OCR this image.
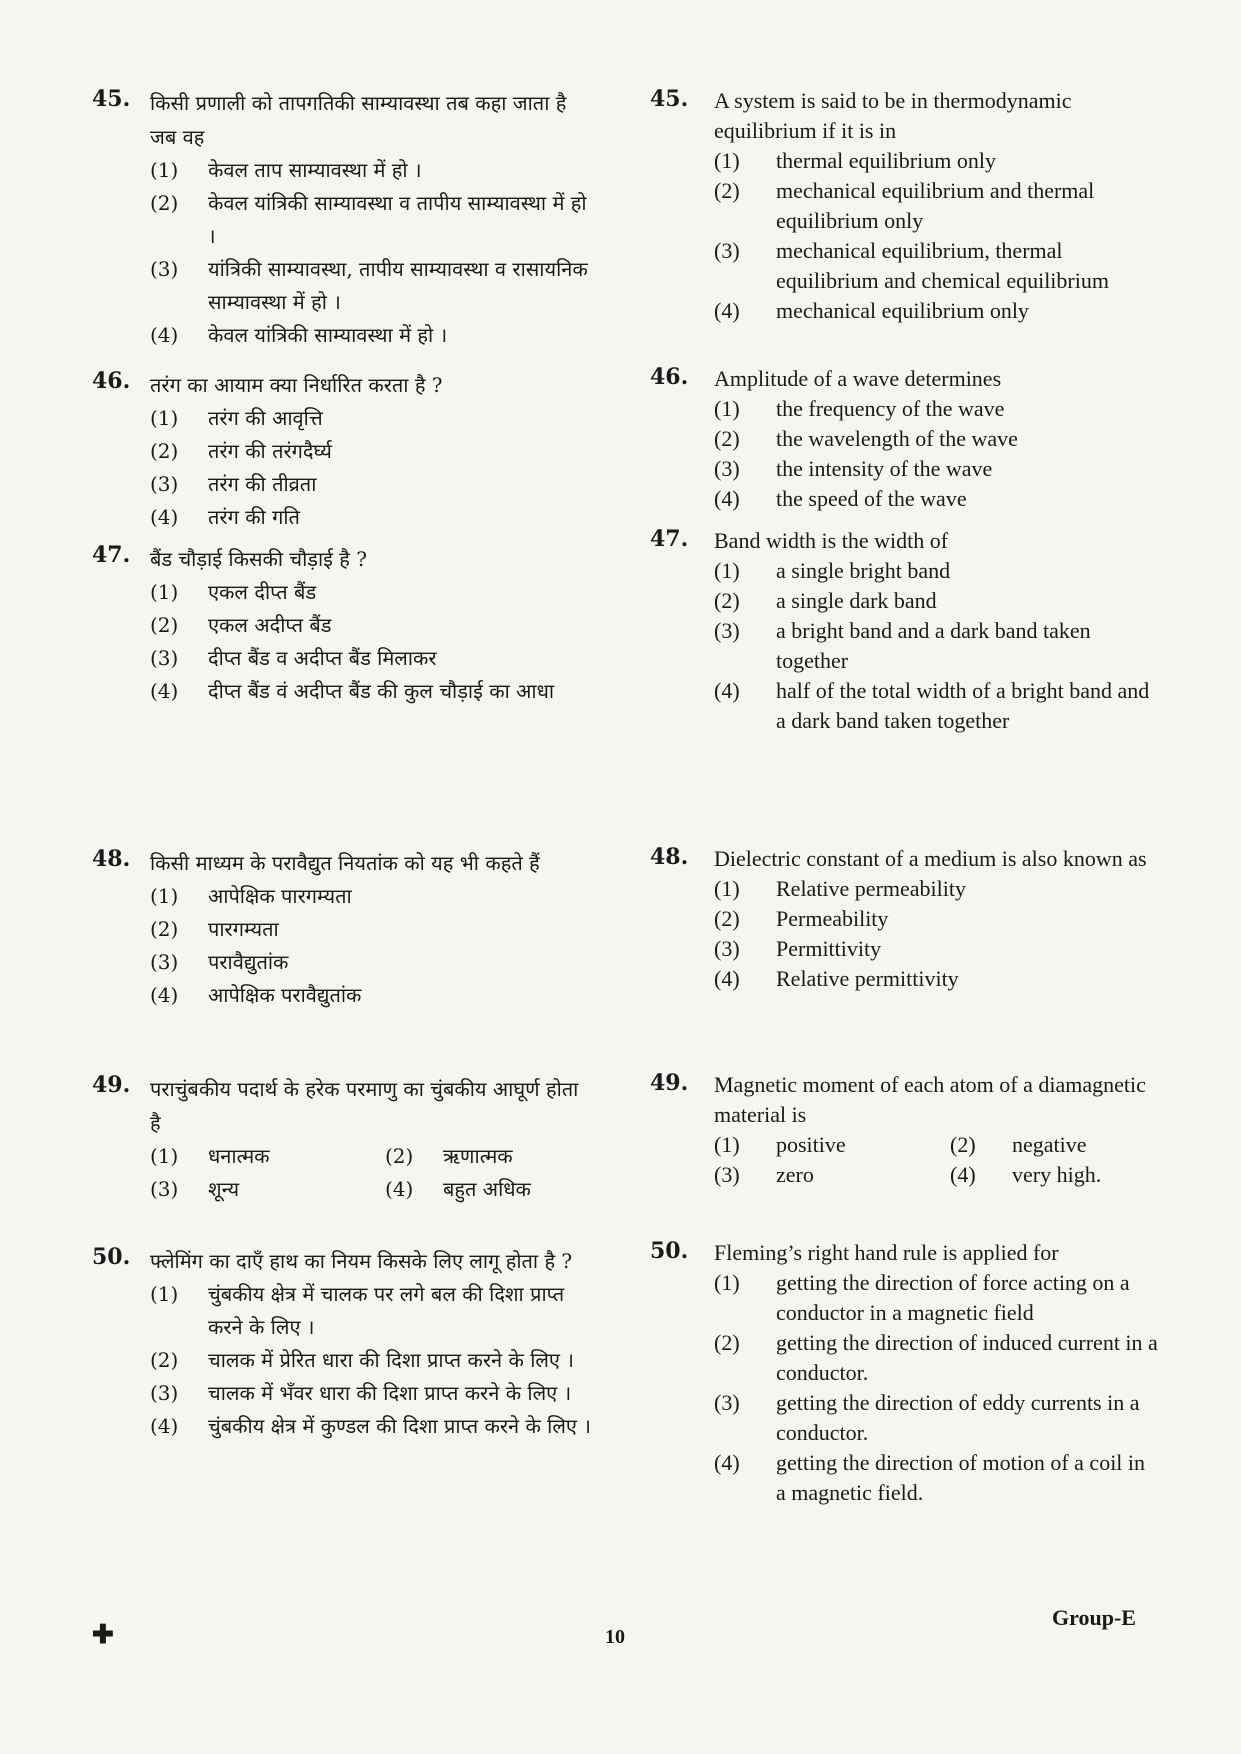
45. किसी प्रणाली को तापगतिकी साम्यावस्था तब कहा जाता है जब वह
(1)	केवल ताप साम्यावस्था में हो ।
(2)	केवल यांत्रिकी साम्यावस्था व तापीय साम्यावस्था में हो ।
(3)	यांत्रिकी साम्यावस्था, तापीय साम्यावस्था व रासायनिक साम्यावस्था में हो ।
(4)	केवल यांत्रिकी साम्यावस्था में हो ।
46. तरंग का आयाम क्या निर्धारित करता है ?
(1)	तरंग की आवृत्ति
(2)	तरंग की तरंगदैर्घ्य
(3)	तरंग की तीव्रता
(4)	तरंग की गति
47. बैंड चौड़ाई किसकी चौड़ाई है ?
(1)	एकल दीप्त बैंड
(2)	एकल अदीप्त बैंड
(3)	दीप्त बैंड व अदीप्त बैंड मिलाकर
(4)	दीप्त बैंड वं अदीप्त बैंड की कुल चौड़ाई का आधा
48. किसी माध्यम के परावैद्युत नियतांक को यह भी कहते हैं
(1)	आपेक्षिक पारगम्यता
(2)	पारगम्यता
(3)	परावैद्युतांक
(4)	आपेक्षिक परावैद्युतांक
49. पराचुंबकीय पदार्थ के हरेक परमाणु का चुंबकीय आघूर्ण होता है
(1)	धनात्मक	(2)	ऋणात्मक
(3)	शून्य	(4)	बहुत अधिक
50. फ्लेमिंग का दाएँ हाथ का नियम किसके लिए लागू होता है ?
(1)	चुंबकीय क्षेत्र में चालक पर लगे बल की दिशा प्राप्त करने के लिए ।
(2)	चालक में प्रेरित धारा की दिशा प्राप्त करने के लिए ।
(3)	चालक में भँवर धारा की दिशा प्राप्त करने के लिए ।
(4)	चुंबकीय क्षेत्र में कुण्डल की दिशा प्राप्त करने के लिए ।
45. A system is said to be in thermodynamic equilibrium if it is in
(1)	thermal equilibrium only
(2)	mechanical equilibrium and thermal equilibrium only
(3)	mechanical equilibrium, thermal equilibrium and chemical equilibrium
(4)	mechanical equilibrium only
46. Amplitude of a wave determines
(1)	the frequency of the wave
(2)	the wavelength of the wave
(3)	the intensity of the wave
(4)	the speed of the wave
47. Band width is the width of
(1)	a single bright band
(2)	a single dark band
(3)	a bright band and a dark band taken together
(4)	half of the total width of a bright band and a dark band taken together
48. Dielectric constant of a medium is also known as
(1)	Relative permeability
(2)	Permeability
(3)	Permittivity
(4)	Relative permittivity
49. Magnetic moment of each atom of a diamagnetic material is
(1)	positive	(2)	negative
(3)	zero	(4)	very high.
50. Fleming’s right hand rule is applied for
(1)	getting the direction of force acting on a conductor in a magnetic field
(2)	getting the direction of induced current in a conductor.
(3)	getting the direction of eddy currents in a conductor.
(4)	getting the direction of motion of a coil in a magnetic field.
✚	10
Group-E
